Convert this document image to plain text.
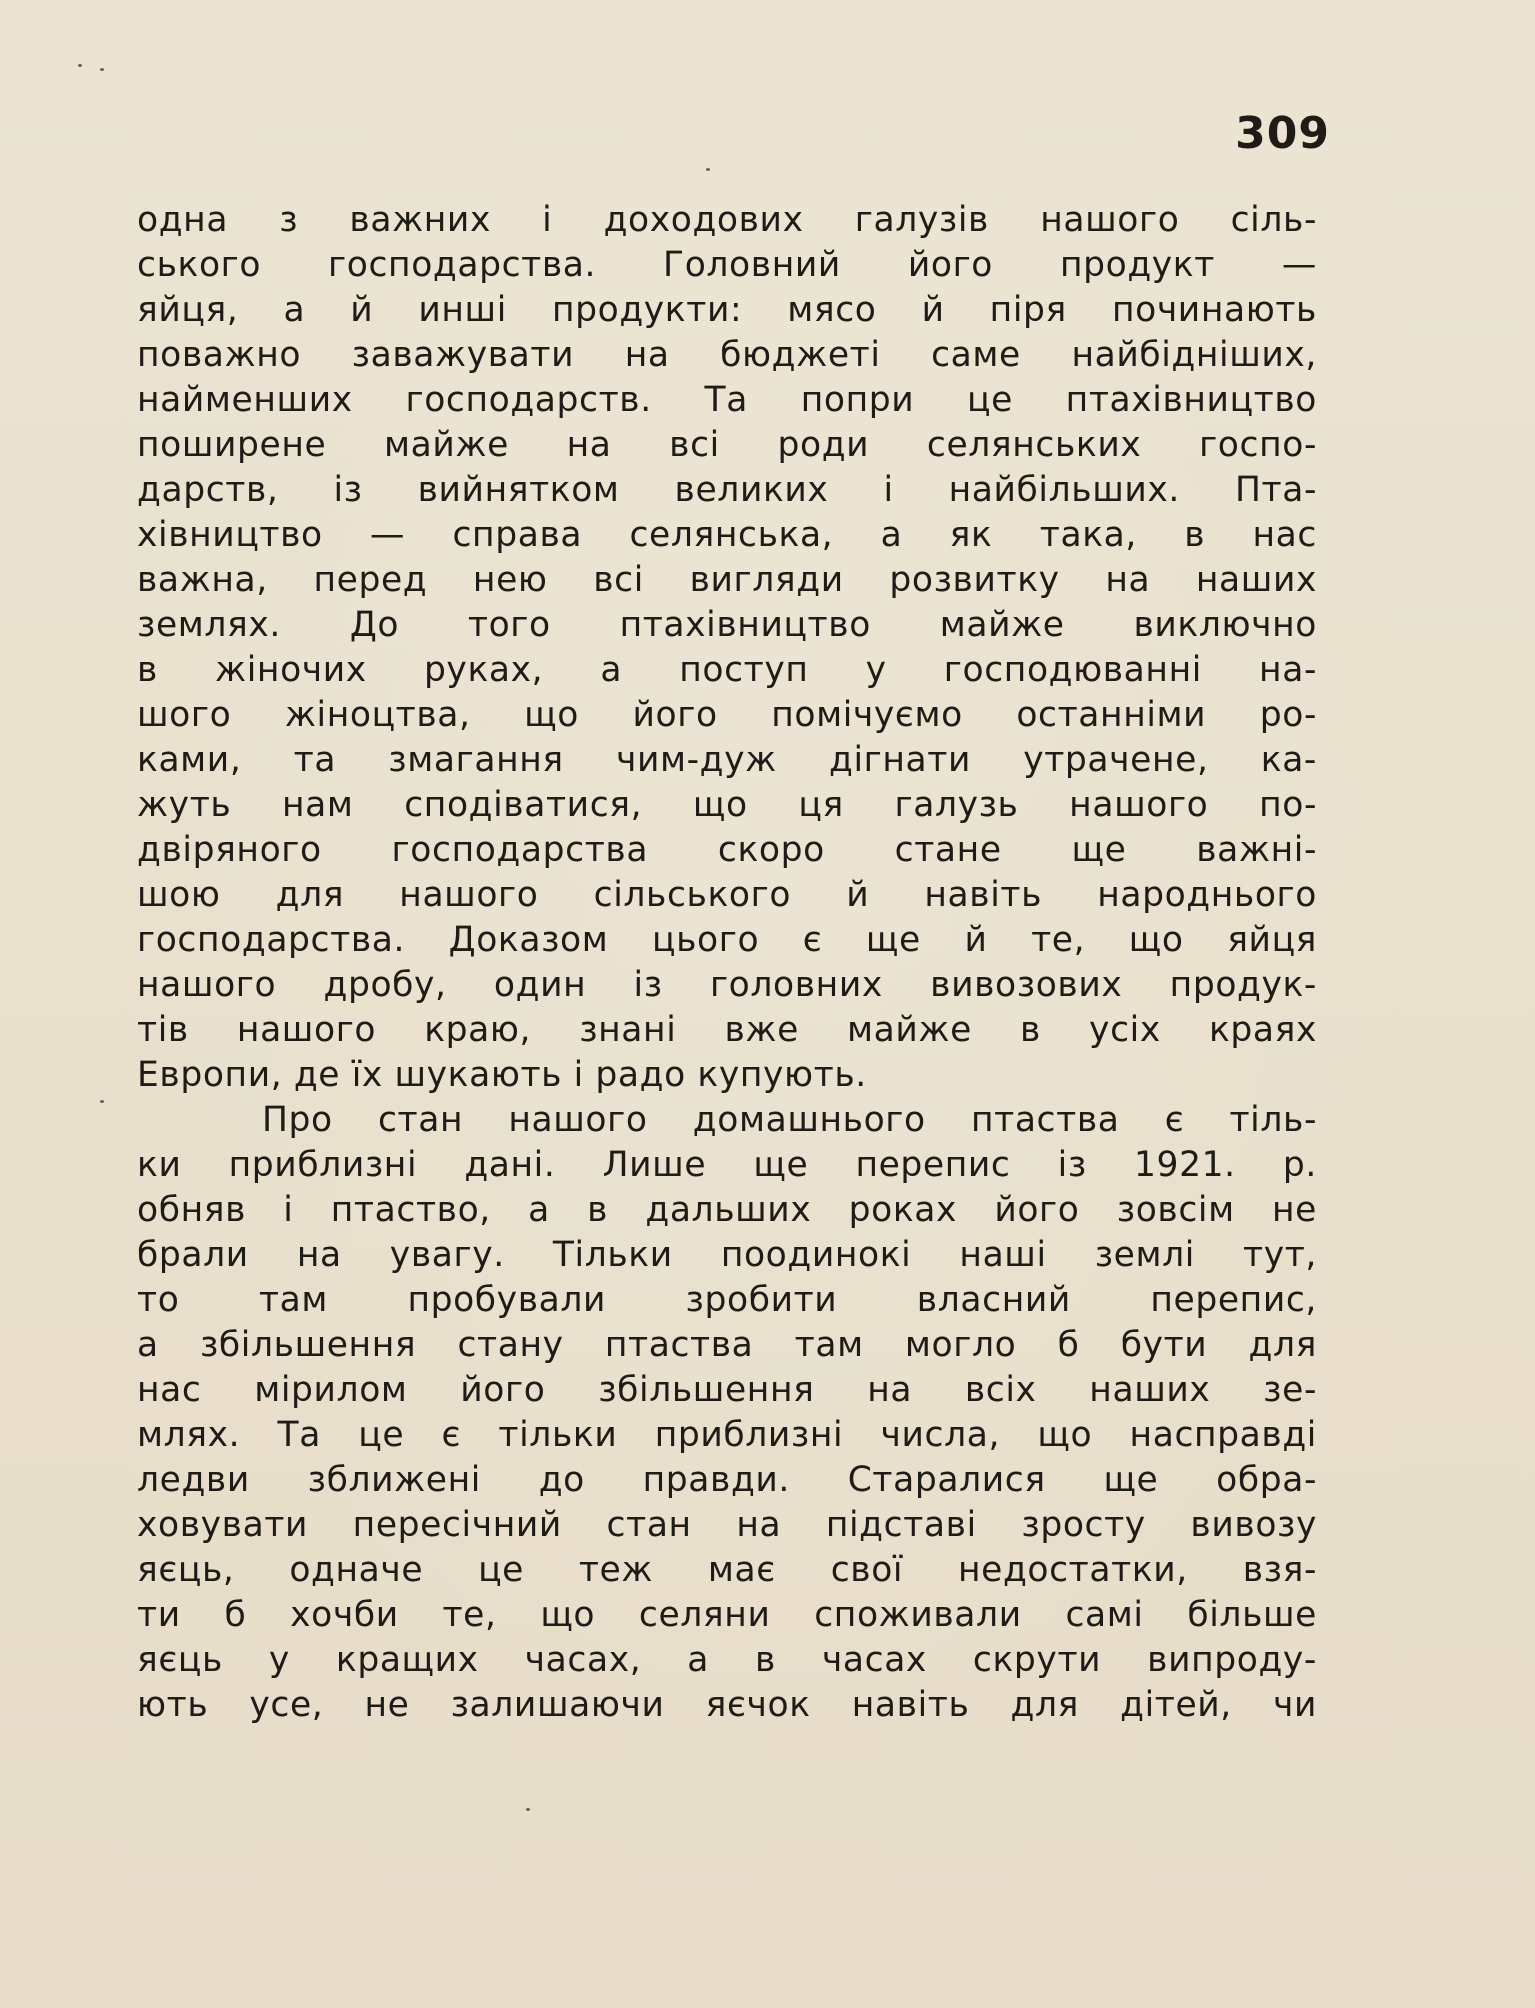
309
одна з важних і доходових галузів нашого сіль-
ського господарства. Головний його продукт —
яйця, а й инші продукти: мясо й піря починають
поважно заважувати на бюджеті саме найбідніших,
найменших господарств. Та попри це птахівництво
поширене майже на всі роди селянських госпо-
дарств, із вийнятком великих і найбільших. Пта-
хівництво — справа селянська, а як така, в нас
важна, перед нею всі вигляди розвитку на наших
землях. До того птахівництво майже виключно
в жіночих руках, а поступ у господюванні на-
шого жіноцтва, що його помічуємо останніми ро-
ками, та змагання чим-дуж дігнати утрачене, ка-
жуть нам сподіватися, що ця галузь нашого по-
двіряного господарства скоро стане ще важні-
шою для нашого сільського й навіть народнього
господарства. Доказом цього є ще й те, що яйця
нашого дробу, один із головних вивозових продук-
тів нашого краю, знані вже майже в усіх краях
Европи, де їх шукають і радо купують.
Про стан нашого домашнього птаства є тіль-
ки приблизні дані. Лише ще перепис із 1921. р.
обняв і птаство, а в дальших роках його зовсім не
брали на увагу. Тільки поодинокі наші землі тут,
то там пробували зробити власний перепис,
а збільшення стану птаства там могло б бути для
нас мірилом його збільшення на всіх наших зе-
млях. Та це є тільки приблизні числа, що насправді
ледви зближені до правди. Старалися ще обра-
ховувати пересічний стан на підставі зросту вивозу
яєць, одначе це теж має свої недостатки, взя-
ти б хочби те, що селяни споживали самі більше
яєць у кращих часах, а в часах скрути випроду-
ють усе, не залишаючи яєчок навіть для дітей, чи
